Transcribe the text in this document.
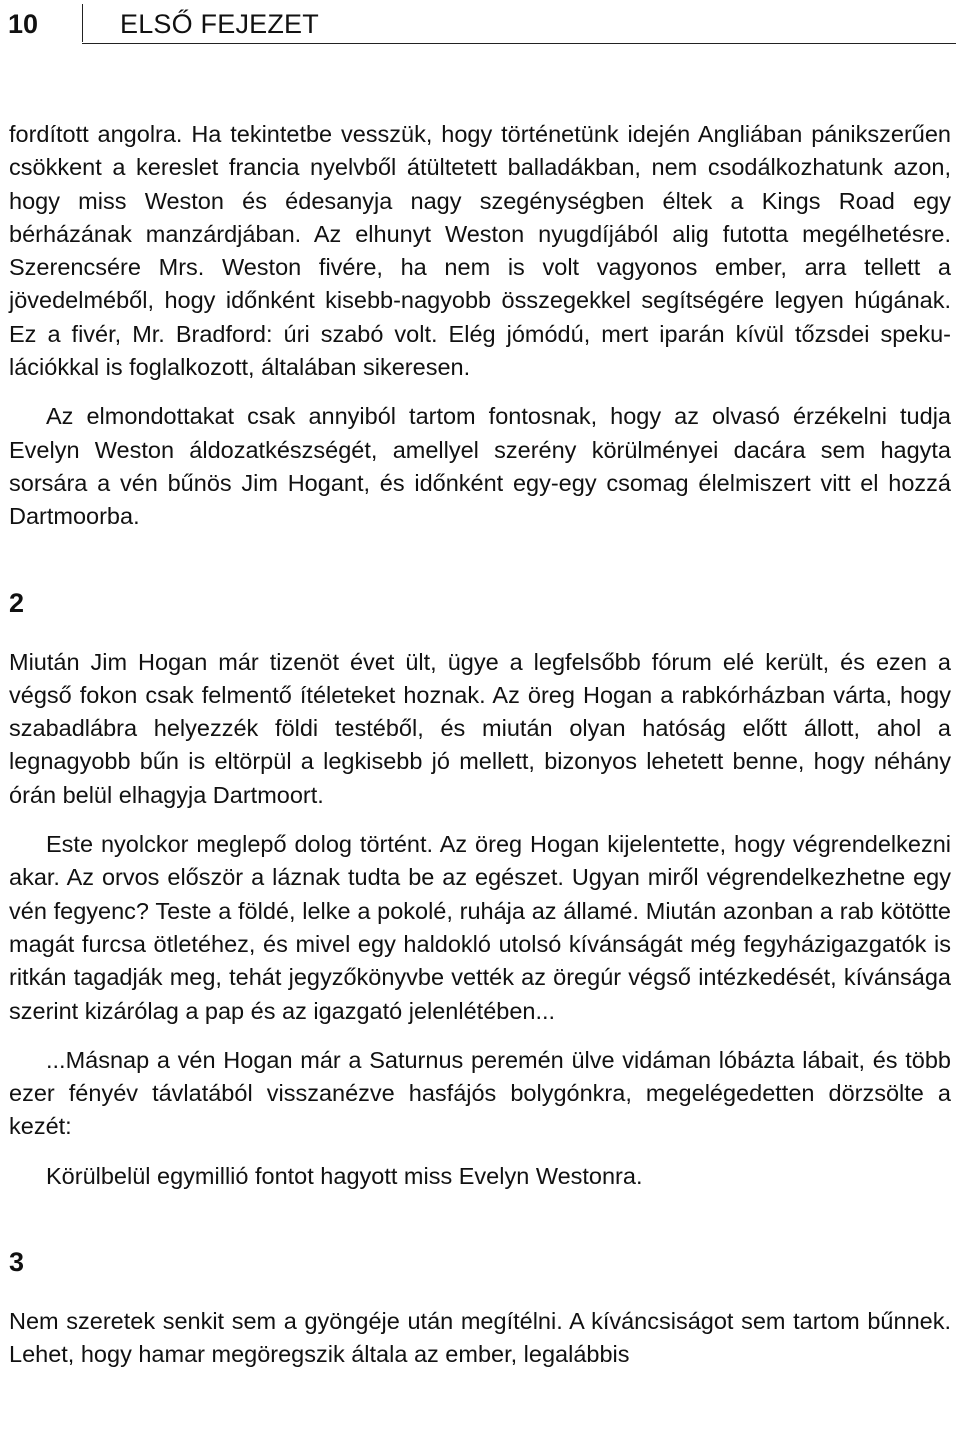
10	ELSŐ FEJEZET

fordított angolra. Ha tekintetbe vesszük, hogy történetünk idején Angliában pánikszerűen csökkent a kereslet francia nyelvből átültetett balladákban, nem csodálkozhatunk azon, hogy miss Weston és édesanyja nagy szegénységben éltek a Kings Road egy bérházának manzárdjában. Az elhunyt Weston nyugdíjából alig futotta megélhetésre. Szerencsére Mrs. Weston fivére, ha nem is volt vagyonos ember, arra tellett a jövedelméből, hogy időnként kisebb-nagyobb összegekkel segítségére legyen húgának. Ez a fivér, Mr. Bradford: úri szabó volt. Elég jómódú, mert iparán kívül tőzsdei spekulációkkal is foglalkozott, általában sikeresen.

Az elmondottakat csak annyiból tartom fontosnak, hogy az olvasó érzékelni tudja Evelyn Weston áldozatkészségét, amellyel szerény körülményei dacára sem hagyta sorsára a vén bűnös Jim Hogant, és időnként egy-egy csomag élelmiszert vitt el hozzá Dartmoorba.

2

Miután Jim Hogan már tizenöt évet ült, ügye a legfelsőbb fórum elé került, és ezen a végső fokon csak felmentő ítéleteket hoznak. Az öreg Hogan a rabkórházban várta, hogy szabadlábra helyezzék földi testéből, és miután olyan hatóság előtt állott, ahol a legnagyobb bűn is eltörpül a legkisebb jó mellett, bizonyos lehetett benne, hogy néhány órán belül elhagyja Dartmoort.

Este nyolckor meglepő dolog történt. Az öreg Hogan kijelentette, hogy végrendelkezni akar. Az orvos először a láznak tudta be az egészet. Ugyan miről végrendelkezhetne egy vén fegyenc? Teste a földé, lelke a pokolé, ruhája az államé. Miután azonban a rab kötötte magát furcsa ötletéhez, és mivel egy haldokló utolsó kívánságát még fegyházigazgatók is ritkán tagadják meg, tehát jegyzőkönyvbe vették az öregúr végső intézkedését, kívánsága szerint kizárólag a pap és az igazgató jelenlétében...

...Másnap a vén Hogan már a Saturnus peremén ülve vidáman lóbázta lábait, és több ezer fényév távlatából visszanézve hasfájós bolygónkra, megelégedetten dörzsölte a kezét:

Körülbelül egymillió fontot hagyott miss Evelyn Westonra.

3

Nem szeretek senkit sem a gyöngéje után megítélni. A kíváncsiságot sem tartom bűnnek. Lehet, hogy hamar megöregszik általa az ember, legalábbis
